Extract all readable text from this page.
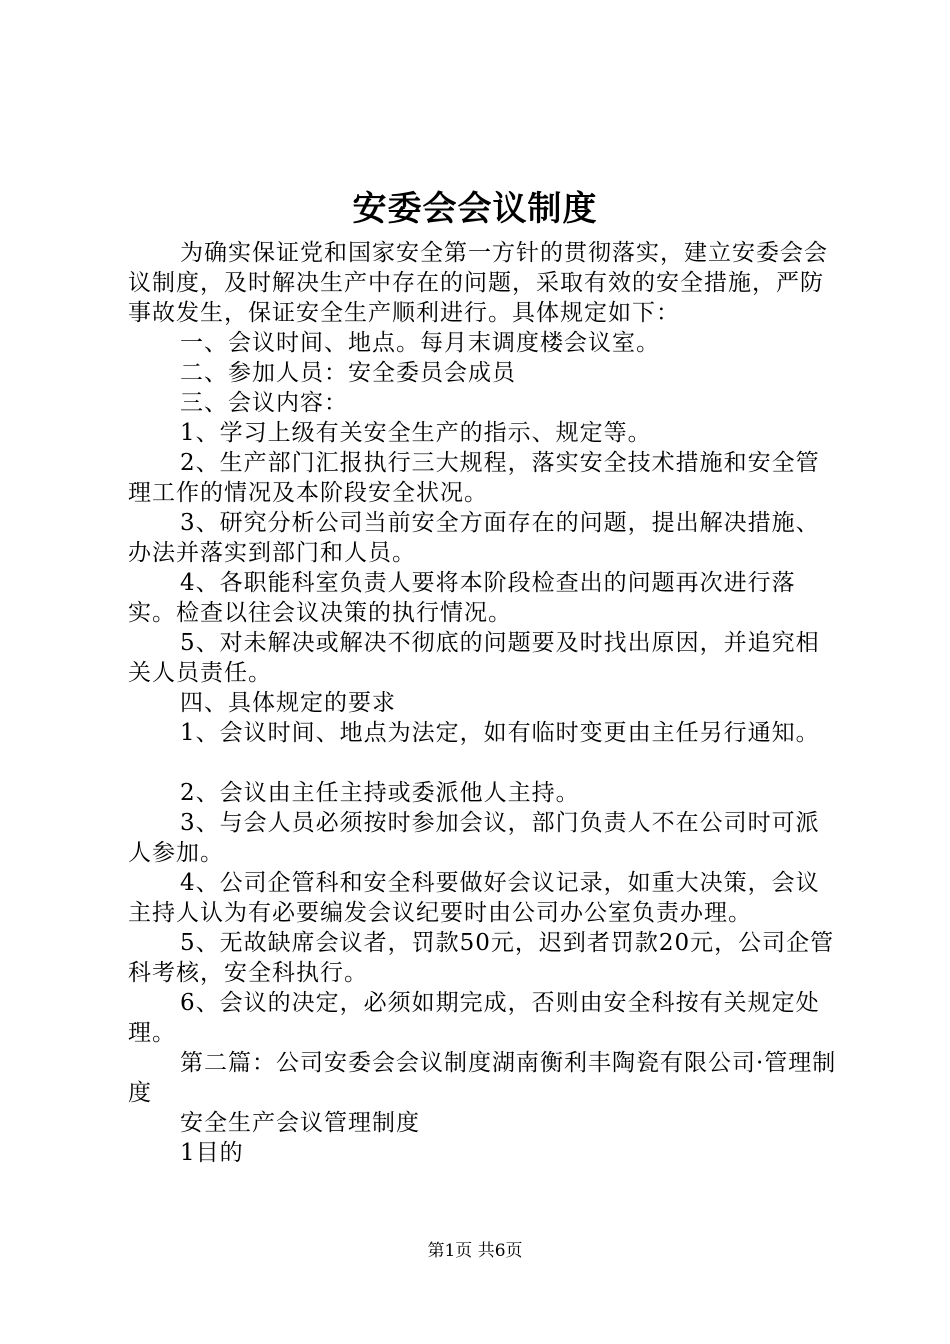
安委会会议制度

为确实保证党和国家安全第一方针的贯彻落实，建立安委会会议制度，及时解决生产中存在的问题，采取有效的安全措施，严防事故发生，保证安全生产顺利进行。具体规定如下：

一、会议时间、地点。每月末调度楼会议室。

二、参加人员：安全委员会成员

三、会议内容：

1、学习上级有关安全生产的指示、规定等。

2、生产部门汇报执行三大规程，落实安全技术措施和安全管理工作的情况及本阶段安全状况。

3、研究分析公司当前安全方面存在的问题，提出解决措施、办法并落实到部门和人员。

4、各职能科室负责人要将本阶段检查出的问题再次进行落实。检查以往会议决策的执行情况。

5、对未解决或解决不彻底的问题要及时找出原因，并追究相关人员责任。

四、具体规定的要求

1、会议时间、地点为法定，如有临时变更由主任另行通知。

2、会议由主任主持或委派他人主持。

3、与会人员必须按时参加会议，部门负责人不在公司时可派人参加。

4、公司企管科和安全科要做好会议记录，如重大决策，会议主持人认为有必要编发会议纪要时由公司办公室负责办理。

5、无故缺席会议者，罚款50元，迟到者罚款20元，公司企管科考核，安全科执行。

6、会议的决定，必须如期完成，否则由安全科按有关规定处理。

第二篇：公司安委会会议制度湖南衡利丰陶瓷有限公司·管理制度

安全生产会议管理制度

1目的

第1页 共6页
